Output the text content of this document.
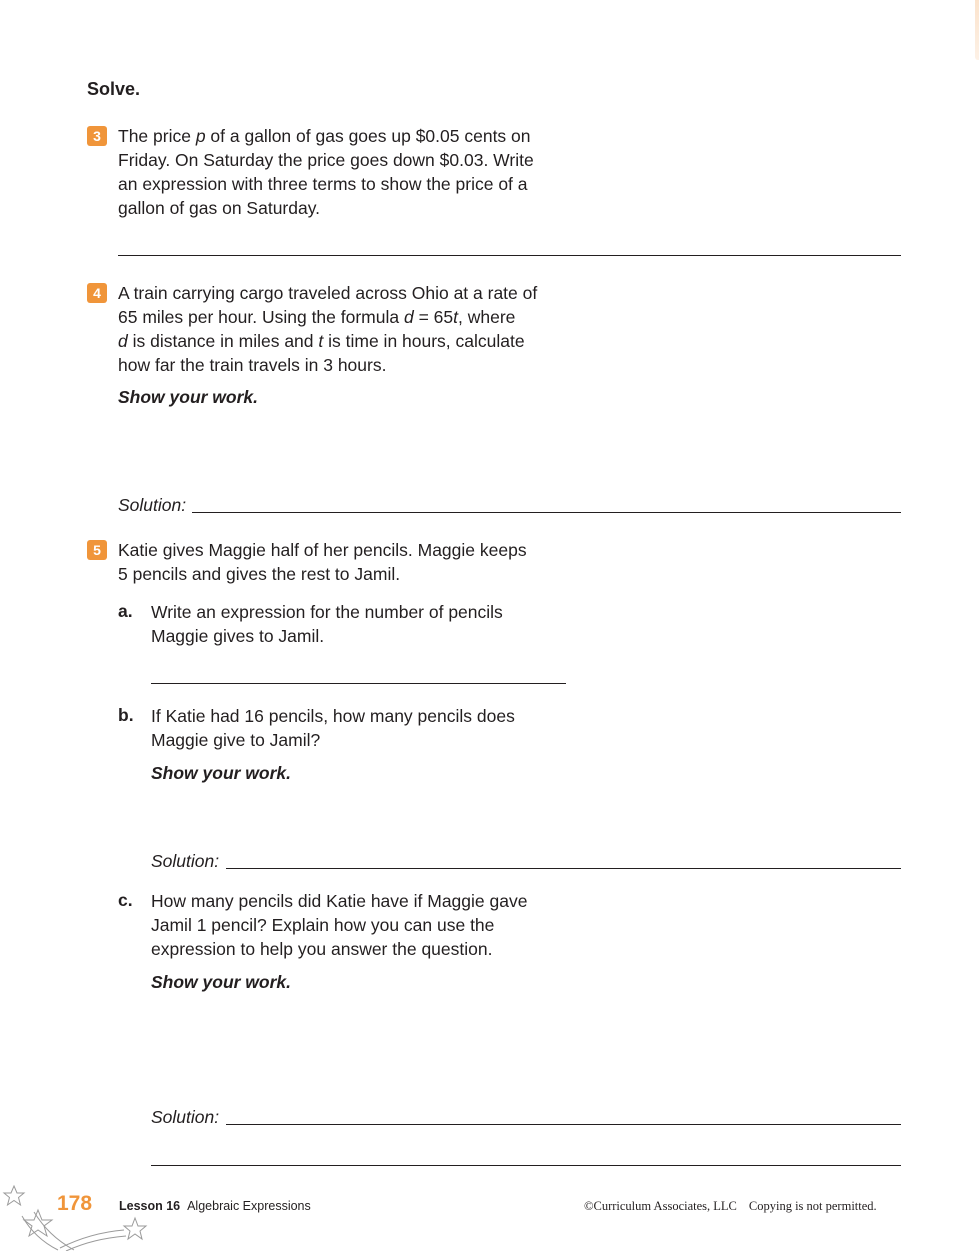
Solve.
3 The price p of a gallon of gas goes up $0.05 cents on
Friday. On Saturday the price goes down $0.03. Write
an expression with three terms to show the price of a
gallon of gas on Saturday.
4 A train carrying cargo traveled across Ohio at a rate of
65 miles per hour. Using the formula d = 65t, where
d is distance in miles and t is time in hours, calculate
how far the train travels in 3 hours.
Show your work.
Solution:
5 Katie gives Maggie half of her pencils. Maggie keeps
5 pencils and gives the rest to Jamil.
a. Write an expression for the number of pencils
Maggie gives to Jamil.
b. If Katie had 16 pencils, how many pencils does
Maggie give to Jamil?
Show your work.
Solution:
c. How many pencils did Katie have if Maggie gave
Jamil 1 pencil? Explain how you can use the
expression to help you answer the question.
Show your work.
Solution:
178 Lesson 16 Algebraic Expressions	©Curriculum Associates, LLC Copying is not permitted.
